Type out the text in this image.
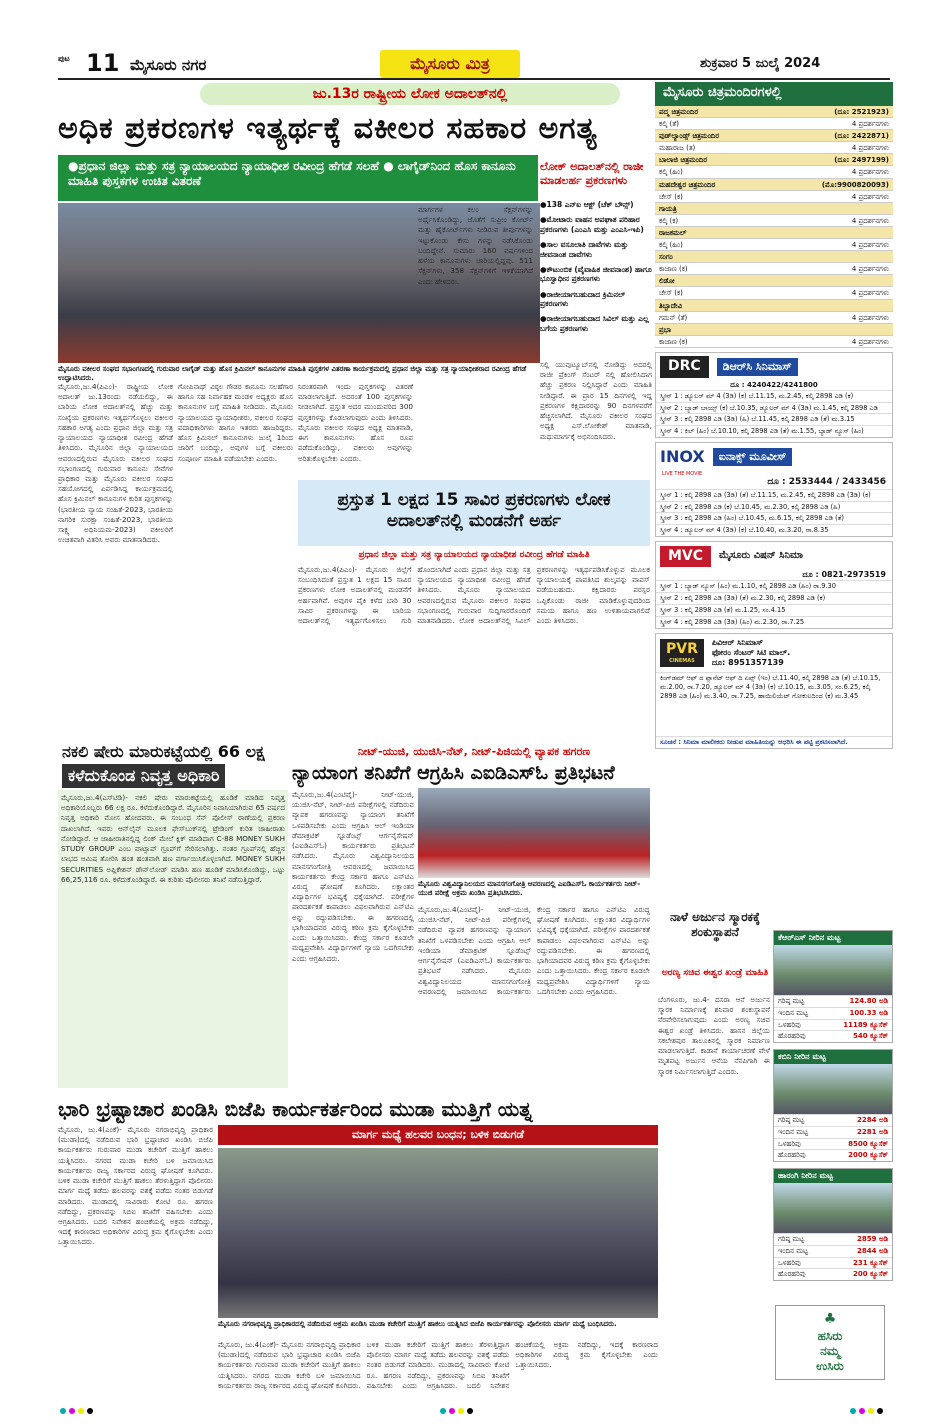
ಪುಟ 11 ಮೈಸೂರು ನಗರ	ಮೈಸೂರು ಮಿತ್ರ	ಶುಕ್ರವಾರ 5 ಜುಲೈ 2024
ಜು.13ರ ರಾಷ್ಟ್ರೀಯ ಲೋಕ ಅದಾಲತ್‌ನಲ್ಲಿ
ಅಧಿಕ ಪ್ರಕರಣಗಳ ಇತ್ಯರ್ಥಕ್ಕೆ ವಕೀಲರ ಸಹಕಾರ ಅಗತ್ಯ
●ಪ್ರಧಾನ ಜಿಲ್ಲಾ ಮತ್ತು ಸತ್ರ ನ್ಯಾಯಾಲಯದ ನ್ಯಾಯಾಧೀಶ ರವೀಂದ್ರ ಹೆಗಡೆ ಸಲಹೆ ● ಲಾಗೈಡ್‌ನಿಂದ ಹೊಸ ಕಾನೂನು ಮಾಹಿತಿ ಪುಸ್ತಕಗಳ ಉಚಿತ ವಿತರಣೆ
ಮೈಸೂರು ವಕೀಲರ ಸಂಘದ ಸಭಾಂಗಣದಲ್ಲಿ ಗುರುವಾರ ಲಾಗೈಡ್ ಮತ್ತು ಹೊಸ ಕ್ರಿಮಿನಲ್ ಕಾನೂನುಗಳ ಮಾಹಿತಿ ಪುಸ್ತಕಗಳ ವಿತರಣಾ ಕಾರ್ಯಕ್ರಮದಲ್ಲಿ ಪ್ರಧಾನ ಜಿಲ್ಲಾ ಮತ್ತು ಸತ್ರ ನ್ಯಾಯಾಧೀಶರಾದ ರವೀಂದ್ರ ಹೆಗಡೆ ಉದ್ಘಾಟಿಸಿದರು.
ಲೋಕ್ ಅದಾಲತ್‌ನಲ್ಲಿ ರಾಜೀ ಮಾಡಲರ್ಹ ಪ್ರಕರಣಗಳು
●138 ಎನ್‌ಐ ಆಕ್ಟ್ (ಚೆಕ್ ಬೌನ್ಸ್)
●ಮೋಟಾರು ವಾಹನ ಅಪಘಾತ ಪರಿಹಾರ ಪ್ರಕರಣಗಳು (ಎಂಎಸಿ ಮತ್ತು ಎಂಎಸಿ-ಇಪಿ)
●ಸಾಲ ವಸೂಲಾತಿ ದಾವೆಗಳು ಮತ್ತು ಜೀವನಾಂಶ ದಾವೆಗಳು
●ಕೌಟುಂಬಿಕ (ವೈವಾಹಿಕ ಜೀವನಾಂಶ) ಹಾಗೂ ಭೂಸ್ವಾಧೀನ ಪ್ರಕರಣಗಳು
●ರಾಜೀಯಾಗಬಹುದಾದ ಕ್ರಿಮಿನಲ್ ಪ್ರಕರಣಗಳು
●ರಾಜೀಯಾಗಬಹುದಾದ ಸಿವಿಲ್ ಮತ್ತು ಎಲ್ಲ ಬಗೆಯ ಪ್ರಕರಣಗಳು
ಮೈಸೂರು,ಜು.4(ಪಿಎಂ)- ರಾಷ್ಟ್ರೀಯ ಲೋಕ ಅದಾಲತ್ ಜು.13ರಂದು ನಡೆಯಲಿದ್ದು, ಈ ಬಾರಿಯ ಲೋಕ ಅದಾಲತ್‌ನಲ್ಲಿ ಹೆಚ್ಚು ಮತ್ತು ಸಂಖ್ಯೆಯ ಪ್ರಕರಣಗಳು ಇತ್ಯರ್ಥಗೊಳ್ಳಲು ವಕೀಲರ ಸಹಕಾರ ಅಗತ್ಯ ಎಂದು ಪ್ರಧಾನ ಜಿಲ್ಲಾ ಮತ್ತು ಸತ್ರ ನ್ಯಾಯಾಲಯದ ನ್ಯಾಯಾಧೀಶ ರವೀಂದ್ರ ಹೆಗಡೆ ತಿಳಿಸಿದರು. ಮೈಸೂರಿನ ಜಿಲ್ಲಾ ನ್ಯಾಯಾಲಯದ ಆವರಣದಲ್ಲಿರುವ ಮೈಸೂರು ವಕೀಲರ ಸಂಘದ ಸಭಾಂಗಣದಲ್ಲಿ ಗುರುವಾರ ಕಾನೂನು ಸೇವೆಗಳ ಪ್ರಾಧಿಕಾರ ಮತ್ತು ಮೈಸೂರು ವಕೀಲರ ಸಂಘದ ಸಹಯೋಗದಲ್ಲಿ ಏರ್ಪಡಿಸಿದ್ದ ಕಾರ್ಯಕ್ರಮದಲ್ಲಿ ಹೊಸ ಕ್ರಿಮಿನಲ್ ಕಾನೂನುಗಳ ಕುರಿತ ಪುಸ್ತಕಗಳನ್ನು (ಭಾರತೀಯ ನ್ಯಾಯ ಸಂಹಿತೆ-2023, ಭಾರತೀಯ ನಾಗರಿಕ ಸುರಕ್ಷಾ ಸಂಹಿತೆ-2023, ಭಾರತೀಯ ಸಾಕ್ಷ್ಯ ಅಧಿನಿಯಮ-2023) ವಕೀಲರಿಗೆ ಉಚಿತವಾಗಿ ವಿತರಿಸಿ ಅವರು ಮಾತನಾಡಿದರು.
ಗೋಪಿನಾಥ್ ವಿಠ್ಠಲ ಗೌಡರ ಕಾನೂನು ಸಲಹೆಗಾರ ಹಾಗೂ ಸಹ ನಿರ್ವಾಹಕ ಮಂಡಳಿ ಅಧ್ಯಕ್ಷರು ಹೊಸ ಕಾನೂನುಗಳ ಬಗ್ಗೆ ಮಾಹಿತಿ ನೀಡಿದರು. ಮೈಸೂರು ನ್ಯಾಯಾಲಯದ ನ್ಯಾಯಾಧೀಶರು, ವಕೀಲರ ಸಂಘದ ಪದಾಧಿಕಾರಿಗಳು ಹಾಗೂ ಇತರರು ಹಾಜರಿದ್ದರು. ಹೊಸ ಕ್ರಿಮಿನಲ್ ಕಾನೂನುಗಳು ಜುಲೈ 1ರಿಂದ ಜಾರಿಗೆ ಬಂದಿದ್ದು, ಅವುಗಳ ಬಗ್ಗೆ ವಕೀಲರು ಸಂಪೂರ್ಣ ಮಾಹಿತಿ ಪಡೆಯಬೇಕು ಎಂದರು.
ನಿರಂತರವಾಗಿ ಇಂದು ಪುಸ್ತಕಗಳನ್ನು ವಿತರಣೆ ಮಾಡಲಾಗುತ್ತಿದೆ. ಅದರಂತೆ 100 ಪುಸ್ತಕಗಳನ್ನು ನೀಡಲಾಗಿದೆ. ಪ್ರಸ್ತುತ ಅದರ ಮುಂದುವರಿದ 300 ಪುಸ್ತಕಗಳನ್ನು ಕೊಡಲಾಗುವುದು ಎಂದು ತಿಳಿಸಿದರು. ಮೈಸೂರು ವಕೀಲರ ಸಂಘದ ಅಧ್ಯಕ್ಷ ಮಾತನಾಡಿ, ಈಗ ಕಾನೂನುಗಳು ಹೊಸ ರೂಪ ಪಡೆದುಕೊಂಡಿದ್ದು, ವಕೀಲರು ಅವುಗಳನ್ನು ಅರಿತುಕೊಳ್ಳಬೇಕು ಎಂದರು.
ಮಾರ್ಗಗಳ ಕಲಂ ಸೆಕ್ಷನ್‌ಗಳನ್ನು ಅರ್ಥೈಸಿಕೊಂಡಿದ್ದು, ಜೊತೆಗೆ ಸುಪ್ರೀಂ ಕೋರ್ಟ್ ಮತ್ತು ಹೈಕೋರ್ಟ್‌ಗಳು ನೀಡಿರುವ ತೀರ್ಪುಗಳನ್ನು ಇಟ್ಟುಕೊಂಡು ಕೇಸು ಗಳನ್ನು ನಡೆಸಿಕೊಂಡು ಬಂದಿದ್ದೇವೆ. ಸುಮಾರು 160 ವರ್ಷಗಳಿಂದ ಹಳೆಯ ಕಾನೂನುಗಳು ಜಾರಿಯಲ್ಲಿದ್ದವು. 511 ಸೆಕ್ಷನ್‌ಗಳು, 358 ಸೆಕ್ಷನ್‌ಗಳಿಗೆ ಇಳಿಕೆಯಾಗಿದೆ ಎಂದು ಹೇಳಿದರು.
ಸಲ್ಲಿ ಯುವುಟ್ಯೂಬ್‌ನಲ್ಲಿ ನೋಡಿದ್ದು ಅದರಲ್ಲಿ ರಾಜೀ ಪ್ರೆಕಿಂಗ್ ಸೆಂಟರ್ ನಲ್ಲಿ ಹೋಲಿಸಿದಾಗ ಹೆಚ್ಚು ಪ್ರಕರಣ ನಿಲ್ಲಿಸಿದ್ದಾರೆ ಎಂದು ಮಾಹಿತಿ ನೀಡಿದ್ದಾರೆ. ಈ ಪ್ರಾರ 15 ದಿನಗಳಲ್ಲಿ ಇದ್ದ ಪ್ರಕರಣಗಳ ಕಕ್ಷಿದಾರರನ್ನು 90 ದಿನಗಳವರೆಗೆ ಹೆಚ್ಚಿಸಲಾಗಿದೆ. ಮೈಸೂರು ವಕೀಲರ ಸಂಘದ ಅಧ್ಯಕ್ಷ ಎಸ್.ಲೋಕೇಶ್ ಮಾತನಾಡಿ, ಮಧುಮಾರ್ಗಕ್ಕೆ ಅಭಿನಂದಿಸಿದರು.
ಪ್ರಸ್ತುತ 1 ಲಕ್ಷದ 15 ಸಾವಿರ ಪ್ರಕರಣಗಳು ಲೋಕ ಅದಾಲತ್‌ನಲ್ಲಿ ಮಂಡನೆಗೆ ಅರ್ಹ
ಪ್ರಧಾನ ಜಿಲ್ಲಾ ಮತ್ತು ಸತ್ರ ನ್ಯಾಯಾಲಯದ ನ್ಯಾಯಾಧೀಶ ರವೀಂದ್ರ ಹೆಗಡೆ ಮಾಹಿತಿ
ಮೈಸೂರು,ಜು.4(ಪಿಎಂ)- ಮೈಸೂರು ಜಿಲ್ಲೆಗೆ ಸಂಬಂಧಿಸಿದಂತೆ ಪ್ರಸ್ತುತ 1 ಲಕ್ಷದ 15 ಸಾವಿರ ಪ್ರಕರಣಗಳು ಲೋಕ ಅದಾಲತ್‌ನಲ್ಲಿ ಮಂಡನೆಗೆ ಅರ್ಹವಾಗಿವೆ. ಅವುಗಳ ಪೈಕಿ ಕಳೆದ ಬಾರಿ 30 ಸಾವಿರ ಪ್ರಕರಣಗಳನ್ನು ಈ ಬಾರಿಯ ಅದಾಲತ್‌ನಲ್ಲಿ ಇತ್ಯರ್ಥಗೊಳಿಸಲು ಗುರಿ ಹೊಂದಲಾಗಿದೆ ಎಂದು ಪ್ರಧಾನ ಜಿಲ್ಲಾ ಮತ್ತು ಸತ್ರ ನ್ಯಾಯಾಲಯದ ನ್ಯಾಯಾಧೀಶ ರವೀಂದ್ರ ಹೆಗಡೆ ತಿಳಿಸಿದರು. ಮೈಸೂರು ನ್ಯಾಯಾಲಯದ ಆವರಣದಲ್ಲಿರುವ ಮೈಸೂರು ವಕೀಲರ ಸಂಘದ ಸಭಾಂಗಣದಲ್ಲಿ ಗುರುವಾರ ಸುದ್ದಿಗಾರರೊಂದಿಗೆ ಮಾತನಾಡಿದರು. ಲೋಕ ಅದಾಲತ್‌ನಲ್ಲಿ ಸಿವಿಲ್ ಪ್ರಕರಣಗಳನ್ನು ಇತ್ಯರ್ಥಪಡಿಸಿಕೊಳ್ಳುವ ಮೂಲಕ ನ್ಯಾಯಾಲಯಕ್ಕೆ ಪಾವತಿಸಿದ ಶುಲ್ಕವನ್ನು ವಾಪಸ್ ಪಡೆಯಬಹುದು. ಕಕ್ಷಿದಾರರು ಪರಸ್ಪರ ಒಪ್ಪಿಕೊಂಡು ರಾಜೀ ಮಾಡಿಕೊಳ್ಳುವುದರಿಂದ ಸಮಯ ಹಾಗೂ ಹಣ ಉಳಿತಾಯವಾಗಲಿದೆ ಎಂದು ತಿಳಿಸಿದರು.
ನಕಲಿ ಷೇರು ಮಾರುಕಟ್ಟೆಯಲ್ಲಿ 66 ಲಕ್ಷ
ಕಳೆದುಕೊಂಡ ನಿವೃತ್ತ ಅಧಿಕಾರಿ
ಮೈಸೂರು,ಜು.4(ಎಸ್‌ಟಿಡಿ)- ನಕಲಿ ಷೇರು ಮಾರುಕಟ್ಟೆಯಲ್ಲಿ ಹೂಡಿಕೆ ಮಾಡಿದ ನಿವೃತ್ತ ಅಧಿಕಾರಿಯೊಬ್ಬರು 66 ಲಕ್ಷ ರೂ. ಕಳೆದುಕೊಂಡಿದ್ದಾರೆ. ಮೈಸೂರಿನ ನಿವಾಸಿಯಾಗಿರುವ 65 ವರ್ಷದ ನಿವೃತ್ತ ಅಧಿಕಾರಿ ಮೋಸ ಹೋದವರು. ಈ ಸಂಬಂಧ ಸೆನ್ ಪೊಲೀಸ್ ಠಾಣೆಯಲ್ಲಿ ಪ್ರಕರಣ ದಾಖಲಾಗಿದೆ. ಇವರು ಆನ್‌ಲೈನ್ ಮೂಲಕ ಫೇಸ್‌ಬುಕ್‌ನಲ್ಲಿ ಟ್ರೇಡಿಂಗ್ ಕುರಿತ ಜಾಹೀರಾತು ನೋಡಿದ್ದಾರೆ. ಆ ಜಾಹೀರಾತಿನಲ್ಲಿದ್ದ ಲಿಂಕ್ ಮೇಲೆ ಕ್ಲಿಕ್ ಮಾಡಿದಾಗ C-88 MONEY SUKH STUDY GROUP ಎಂಬ ವಾಟ್ಸಾಪ್ ಗ್ರೂಪ್‌ಗೆ ಸೇರಿಸಲಾಗಿತ್ತು. ನಂತರ ಗ್ರೂಪ್‌ನಲ್ಲಿ ಹೆಚ್ಚಿನ ಲಾಭದ ಆಮಿಷ ತೋರಿಸಿ ಹಂತ ಹಂತವಾಗಿ ಹಣ ವರ್ಗಾಯಿಸಿಕೊಳ್ಳಲಾಗಿದೆ. MONEY SUKH SECURITIES ಅಪ್ಲಿಕೇಶನ್ ಡೌನ್‌ಲೋಡ್ ಮಾಡಿಸಿ ಹಣ ಹೂಡಿಕೆ ಮಾಡಿಸಿಕೊಂಡಿದ್ದು, ಒಟ್ಟು 66,25,116 ರೂ. ಕಳೆದುಕೊಂಡಿದ್ದಾರೆ. ಈ ಕುರಿತು ಪೊಲೀಸರು ತನಿಖೆ ನಡೆಸುತ್ತಿದ್ದಾರೆ.
ನೀಟ್-ಯುಜಿ, ಯುಜಿಸಿ-ನೆಟ್, ನೀಟ್-ಪಿಜಿಯಲ್ಲಿ ವ್ಯಾಪಕ ಹಗರಣ
ನ್ಯಾಯಾಂಗ ತನಿಖೆಗೆ ಆಗ್ರಹಿಸಿ ಎಐಡಿಎಸ್‌ಓ ಪ್ರತಿಭಟನೆ
ಮೈಸೂರು ವಿಶ್ವವಿದ್ಯಾನಿಲಯದ ಮಾನಸಗಂಗೋತ್ರಿ ಆವರಣದಲ್ಲಿ ಎಐಡಿಎಸ್‌ಓ ಕಾರ್ಯಕರ್ತರು ನೀಟ್-ಯುಜಿ ಪರೀಕ್ಷೆ ಅಕ್ರಮ ಖಂಡಿಸಿ ಪ್ರತಿಭಟಿಸಿದರು.
ಮೈಸೂರು,ಜು.4(ಎಂಟಿವೈ)- ನೀಟ್-ಯುಜಿ, ಯುಜಿಸಿ-ನೆಟ್, ನೀಟ್-ಪಿಜಿ ಪರೀಕ್ಷೆಗಳಲ್ಲಿ ನಡೆದಿರುವ ವ್ಯಾಪಕ ಹಗರಣವನ್ನು ನ್ಯಾಯಾಂಗ ತನಿಖೆಗೆ ಒಳಪಡಿಸಬೇಕು ಎಂದು ಆಗ್ರಹಿಸಿ ಆಲ್ ಇಂಡಿಯಾ ಡೆಮಾಕ್ರಟಿಕ್ ಸ್ಟೂಡೆಂಟ್ಸ್ ಆರ್ಗನೈಸೇಷನ್ (ಎಐಡಿಎಸ್‌ಓ) ಕಾರ್ಯಕರ್ತರು ಪ್ರತಿಭಟನೆ ನಡೆಸಿದರು. ಮೈಸೂರು ವಿಶ್ವವಿದ್ಯಾನಿಲಯದ ಮಾನಸಗಂಗೋತ್ರಿ ಆವರಣದಲ್ಲಿ ಜಮಾಯಿಸಿದ ಕಾರ್ಯಕರ್ತರು ಕೇಂದ್ರ ಸರ್ಕಾರ ಹಾಗೂ ಎನ್‌ಟಿಎ ವಿರುದ್ಧ ಘೋಷಣೆ ಕೂಗಿದರು. ಲಕ್ಷಾಂತರ ವಿದ್ಯಾರ್ಥಿಗಳ ಭವಿಷ್ಯಕ್ಕೆ ಧಕ್ಕೆಯಾಗಿದೆ. ಪರೀಕ್ಷೆಗಳ ಪಾರದರ್ಶಕತೆ ಕಾಪಾಡಲು ವಿಫಲವಾಗಿರುವ ಎನ್‌ಟಿಎ ಅನ್ನು ರದ್ದುಪಡಿಸಬೇಕು. ಈ ಹಗರಣದಲ್ಲಿ ಭಾಗಿಯಾದವರ ವಿರುದ್ಧ ಕಠಿಣ ಕ್ರಮ ಕೈಗೊಳ್ಳಬೇಕು ಎಂದು ಒತ್ತಾಯಿಸಿದರು. ಕೇಂದ್ರ ಸರ್ಕಾರ ಕೂಡಲೇ ಮಧ್ಯಪ್ರವೇಶಿಸಿ ವಿದ್ಯಾರ್ಥಿಗಳಿಗೆ ನ್ಯಾಯ ಒದಗಿಸಬೇಕು ಎಂದು ಆಗ್ರಹಿಸಿದರು.
ಮೈಸೂರು,ಜು.4(ಎಂಟಿವೈ)- ನೀಟ್-ಯುಜಿ, ಯುಜಿಸಿ-ನೆಟ್, ನೀಟ್-ಪಿಜಿ ಪರೀಕ್ಷೆಗಳಲ್ಲಿ ನಡೆದಿರುವ ವ್ಯಾಪಕ ಹಗರಣವನ್ನು ನ್ಯಾಯಾಂಗ ತನಿಖೆಗೆ ಒಳಪಡಿಸಬೇಕು ಎಂದು ಆಗ್ರಹಿಸಿ ಆಲ್ ಇಂಡಿಯಾ ಡೆಮಾಕ್ರಟಿಕ್ ಸ್ಟೂಡೆಂಟ್ಸ್ ಆರ್ಗನೈಸೇಷನ್ (ಎಐಡಿಎಸ್‌ಓ) ಕಾರ್ಯಕರ್ತರು ಪ್ರತಿಭಟನೆ ನಡೆಸಿದರು. ಮೈಸೂರು ವಿಶ್ವವಿದ್ಯಾನಿಲಯದ ಮಾನಸಗಂಗೋತ್ರಿ ಆವರಣದಲ್ಲಿ ಜಮಾಯಿಸಿದ ಕಾರ್ಯಕರ್ತರು ಕೇಂದ್ರ ಸರ್ಕಾರ ಹಾಗೂ ಎನ್‌ಟಿಎ ವಿರುದ್ಧ ಘೋಷಣೆ ಕೂಗಿದರು. ಲಕ್ಷಾಂತರ ವಿದ್ಯಾರ್ಥಿಗಳ ಭವಿಷ್ಯಕ್ಕೆ ಧಕ್ಕೆಯಾಗಿದೆ. ಪರೀಕ್ಷೆಗಳ ಪಾರದರ್ಶಕತೆ ಕಾಪಾಡಲು ವಿಫಲವಾಗಿರುವ ಎನ್‌ಟಿಎ ಅನ್ನು ರದ್ದುಪಡಿಸಬೇಕು. ಈ ಹಗರಣದಲ್ಲಿ ಭಾಗಿಯಾದವರ ವಿರುದ್ಧ ಕಠಿಣ ಕ್ರಮ ಕೈಗೊಳ್ಳಬೇಕು ಎಂದು ಒತ್ತಾಯಿಸಿದರು. ಕೇಂದ್ರ ಸರ್ಕಾರ ಕೂಡಲೇ ಮಧ್ಯಪ್ರವೇಶಿಸಿ ವಿದ್ಯಾರ್ಥಿಗಳಿಗೆ ನ್ಯಾಯ ಒದಗಿಸಬೇಕು ಎಂದು ಆಗ್ರಹಿಸಿದರು.
ಭಾರಿ ಭ್ರಷ್ಟಾಚಾರ ಖಂಡಿಸಿ ಬಿಜೆಪಿ ಕಾರ್ಯಕರ್ತರಿಂದ ಮುಡಾ ಮುತ್ತಿಗೆ ಯತ್ನ
ಮಾರ್ಗ ಮಧ್ಯೆ ಹಲವರ ಬಂಧನ; ಬಳಿಕ ಬಿಡುಗಡೆ
ಮೈಸೂರು ನಗರಾಭಿವೃದ್ಧಿ ಪ್ರಾಧಿಕಾರದಲ್ಲಿ ನಡೆದಿರುವ ಅಕ್ರಮ ಖಂಡಿಸಿ ಮುಡಾ ಕಚೇರಿಗೆ ಮುತ್ತಿಗೆ ಹಾಕಲು ಯತ್ನಿಸಿದ ಬಿಜೆಪಿ ಕಾರ್ಯಕರ್ತರನ್ನು ಪೊಲೀಸರು ಮಾರ್ಗ ಮಧ್ಯೆ ಬಂಧಿಸಿದರು.
ಮೈಸೂರು, ಜು.4(ಎಂಕೆ)- ಮೈಸೂರು ನಗರಾಭಿವೃದ್ಧಿ ಪ್ರಾಧಿಕಾರ (ಮುಡಾ)ದಲ್ಲಿ ನಡೆದಿರುವ ಭಾರಿ ಭ್ರಷ್ಟಾಚಾರ ಖಂಡಿಸಿ ಬಿಜೆಪಿ ಕಾರ್ಯಕರ್ತರು ಗುರುವಾರ ಮುಡಾ ಕಚೇರಿಗೆ ಮುತ್ತಿಗೆ ಹಾಕಲು ಯತ್ನಿಸಿದರು. ನಗರದ ಮುಡಾ ಕಚೇರಿ ಬಳಿ ಜಮಾಯಿಸಿದ ಕಾರ್ಯಕರ್ತರು ರಾಜ್ಯ ಸರ್ಕಾರದ ವಿರುದ್ಧ ಘೋಷಣೆ ಕೂಗಿದರು. ಬಳಿಕ ಮುಡಾ ಕಚೇರಿಗೆ ಮುತ್ತಿಗೆ ಹಾಕಲು ತೆರಳುತ್ತಿದ್ದಾಗ ಪೊಲೀಸರು ಮಾರ್ಗ ಮಧ್ಯೆ ತಡೆದು ಹಲವರನ್ನು ವಶಕ್ಕೆ ಪಡೆದು ನಂತರ ಬಿಡುಗಡೆ ಮಾಡಿದರು. ಮುಡಾದಲ್ಲಿ ಸಾವಿರಾರು ಕೋಟಿ ರೂ. ಹಗರಣ ನಡೆದಿದ್ದು, ಪ್ರಕರಣವನ್ನು ಸಿಬಿಐ ತನಿಖೆಗೆ ವಹಿಸಬೇಕು ಎಂದು ಆಗ್ರಹಿಸಿದರು. ಬದಲಿ ನಿವೇಶನ ಹಂಚಿಕೆಯಲ್ಲಿ ಅಕ್ರಮ ನಡೆದಿದ್ದು, ಇದಕ್ಕೆ ಕಾರಣರಾದ ಅಧಿಕಾರಿಗಳ ವಿರುದ್ಧ ಕ್ರಮ ಕೈಗೊಳ್ಳಬೇಕು ಎಂದು ಒತ್ತಾಯಿಸಿದರು.
ಮೈಸೂರು, ಜು.4(ಎಂಕೆ)- ಮೈಸೂರು ನಗರಾಭಿವೃದ್ಧಿ ಪ್ರಾಧಿಕಾರ (ಮುಡಾ)ದಲ್ಲಿ ನಡೆದಿರುವ ಭಾರಿ ಭ್ರಷ್ಟಾಚಾರ ಖಂಡಿಸಿ ಬಿಜೆಪಿ ಕಾರ್ಯಕರ್ತರು ಗುರುವಾರ ಮುಡಾ ಕಚೇರಿಗೆ ಮುತ್ತಿಗೆ ಹಾಕಲು ಯತ್ನಿಸಿದರು. ನಗರದ ಮುಡಾ ಕಚೇರಿ ಬಳಿ ಜಮಾಯಿಸಿದ ಕಾರ್ಯಕರ್ತರು ರಾಜ್ಯ ಸರ್ಕಾರದ ವಿರುದ್ಧ ಘೋಷಣೆ ಕೂಗಿದರು. ಬಳಿಕ ಮುಡಾ ಕಚೇರಿಗೆ ಮುತ್ತಿಗೆ ಹಾಕಲು ತೆರಳುತ್ತಿದ್ದಾಗ ಪೊಲೀಸರು ಮಾರ್ಗ ಮಧ್ಯೆ ತಡೆದು ಹಲವರನ್ನು ವಶಕ್ಕೆ ಪಡೆದು ನಂತರ ಬಿಡುಗಡೆ ಮಾಡಿದರು. ಮುಡಾದಲ್ಲಿ ಸಾವಿರಾರು ಕೋಟಿ ರೂ. ಹಗರಣ ನಡೆದಿದ್ದು, ಪ್ರಕರಣವನ್ನು ಸಿಬಿಐ ತನಿಖೆಗೆ ವಹಿಸಬೇಕು ಎಂದು ಆಗ್ರಹಿಸಿದರು. ಬದಲಿ ನಿವೇಶನ ಹಂಚಿಕೆಯಲ್ಲಿ ಅಕ್ರಮ ನಡೆದಿದ್ದು, ಇದಕ್ಕೆ ಕಾರಣರಾದ ಅಧಿಕಾರಿಗಳ ವಿರುದ್ಧ ಕ್ರಮ ಕೈಗೊಳ್ಳಬೇಕು ಎಂದು ಒತ್ತಾಯಿಸಿದರು.
ಮೈಸೂರು ಚಿತ್ರಮಂದಿರಗಳಲ್ಲಿ
ಪದ್ಮ ಚಿತ್ರಮಂದಿರ	(ದೂ: 2521923)
ಕಲ್ಕಿ (ತೆ)	4 ಪ್ರದರ್ಶನಗಳು
ವುಡ್‌ಲ್ಯಾಂಡ್ಸ್ ಚಿತ್ರಮಂದಿರ	(ದೂ: 2422871)
ಮಹಾರಾಜ (ತ)	4 ಪ್ರದರ್ಶನಗಳು
ಬಾಲಾಜಿ ಚಿತ್ರಮಂದಿರ	(ದೂ: 2497199)
ಕಲ್ಕಿ (ಹಿಂ)	4 ಪ್ರದರ್ಶನಗಳು
ಮಹದೇಶ್ವರ ಚಿತ್ರಮಂದಿರ	(ಮೊ:9900820093)
ಚೇಸ್ (ಕ)	4 ಪ್ರದರ್ಶನಗಳು
ಗಾಯತ್ರಿ
ಕಲ್ಕಿ (ಕ)	4 ಪ್ರದರ್ಶನಗಳು
ರಾಜಕಮಲ್
ಕಲ್ಕಿ (ಹಿಂ)	4 ಪ್ರದರ್ಶನಗಳು
ಸಂಗಂ
ಕಾಜಾಣ (ಕ)	4 ಪ್ರದರ್ಶನಗಳು
ಲಿಡೋ
ಚೇಸ್ (ಕ)	4 ಪ್ರದರ್ಶನಗಳು
ತಿಬ್ಬಾದೇವಿ
ಗಮನ್ (ತೆ)	4 ಪ್ರದರ್ಶನಗಳು
ಪ್ರಭಾ
ಕಾಜಾಣ (ಕ)	4 ಪ್ರದರ್ಶನಗಳು
DRC	ಡಿಆರ್‌ಸಿ ಸಿನಿಮಾಸ್
ದೂ : 4240422/4241800
ಸ್ಕ್ರೀನ್ 1 : ಡ್ಯೂಲರ್ ಮ್ 4 (3ಡಿ) (ಕ) ಬೆ.11.15, ಮ.2.45, ಕಲ್ಕಿ 2898 ಎಡಿ (ಕ)
ಸ್ಕ್ರೀನ್ 2 : ಬ್ಯಾಡ್ ಬಾಯ್ಸ್ (ಕ) ಬೆ.10.35, ಡ್ಯೂಲರ್ ಮ್ 4 (3ಡಿ) ಮ.1.45, ಕಲ್ಕಿ 2898 ಎಡಿ
ಸ್ಕ್ರೀನ್ 3 : ಕಲ್ಕಿ 2898 ಎಡಿ (3ಡಿ) (ಹಿ) ಬೆ.11.45, ಕಲ್ಕಿ 2898 ಎಡಿ (ತೆ) ಮ.3.15
ಸ್ಕ್ರೀನ್ 4 : ಕಿಲ್ (ಹಿಂ) ಬೆ.10.10, ಕಲ್ಕಿ 2898 ಎಡಿ (ತೆ) ಮ.1.55, ಬ್ಯಾಡ್ ನ್ಯೂಸ್ (ಹಿಂ)
INOX	ಐನಾಕ್ಸ್ ಮೂವೀಸ್
LIVE THE MOVIE
ದೂ : 2533444 / 2433456
ಸ್ಕ್ರೀನ್ 1 : ಕಲ್ಕಿ 2898 ಎಡಿ (3ಡಿ) (ತೆ) ಬೆ.11.15, ಮ.2.45, ಕಲ್ಕಿ 2898 ಎಡಿ (3ಡಿ) (ಕ)
ಸ್ಕ್ರೀನ್ 2 : ಕಲ್ಕಿ 2898 ಎಡಿ (ಕ) ಬೆ.10.45, ಮ.2.30, ಕಲ್ಕಿ 2898 ಎಡಿ (ಹಿ)
ಸ್ಕ್ರೀನ್ 3 : ಕಲ್ಕಿ 2898 ಎಡಿ (ಹಿಂ) ಬೆ.10.45, ಮ.6.15, ಕಲ್ಕಿ 2898 ಎಡಿ (ತೆ)
ಸ್ಕ್ರೀನ್ 4 : ಡ್ಯೂಲರ್ ಮ್ 4 (3ಡಿ) (ಕ) ಬೆ.10.40, ಮ.3.20, ರಾ.8.35
MVC	ಮೈಸೂರು ವಿಷನ್ ಸಿನಿಮಾ
ದೂ : 0821-2973519
ಸ್ಕ್ರೀನ್ 1 : ಬ್ಯಾಡ್ ನ್ಯೂಸ್ (ಹಿಂ) ಮ.1.10, ಕಲ್ಕಿ 2898 ಎಡಿ (ಹಿಂ) ರಾ.9.30
ಸ್ಕ್ರೀನ್ 2 : ಕಲ್ಕಿ 2898 ಎಡಿ (3ಡಿ) (ತೆ) ಮ.2.30, ಕಲ್ಕಿ 2898 ಎಡಿ (ಕ)
ಸ್ಕ್ರೀನ್ 3 : ಕಲ್ಕಿ 2898 ಎಡಿ (ತೆ) ಮ.1.25, ಸಂ.4.15
ಸ್ಕ್ರೀನ್ 4 : ಕಲ್ಕಿ 2898 ಎಡಿ (3ಡಿ) (ಹಿಂ) ಮ.2.30, ರಾ.7.25
PVR
CINEMAS
ಪಿವಿಆರ್ ಸಿನಿಮಾಸ್
ಫೋರಂ ಸೆಂಟರ್ ಸಿಟಿ ಮಾಲ್.
ದೂ: 8951357139
ಕಿಂಗ್‌ಡಮ್ ಆಫ್ ದ ಪ್ಲಾನೆಟ್ ಆಫ್ ದಿ ಏಪ್ಸ್ (ಇಂ) ಬೆ.11.40, ಕಲ್ಕಿ 2898 ಎಡಿ (ತೆ) ಬೆ.10.15, ಮ.2.00, ರಾ.7.20, ಡ್ಯೂಲರ್ ಮ್ 4 (3ಡಿ) (ಕ) ಬೆ.10.15, ಮ.3.05, ಸಂ.6.25, ಕಲ್ಕಿ 2898 ಎಡಿ (ಹಿಂ) ಮ.3.40, ರಾ.7.25, ಹಾಯಿಲಿಯೆಟ್ ಗೋಕುಲದಿಂದ (ಕ) ಮ.3.45
ಸೂಚನೆ : ಸಿನಿಮಾ ಮಾಲೀಕರು ನೀಡುವ ಮಾಹಿತಿಯನ್ನು ಆಧರಿಸಿ ಈ ಪಟ್ಟಿ ಪ್ರಕಟಿಸಲಾಗಿದೆ.
ನಾಳೆ ಅರ್ಜುನ ಸ್ಮಾರಕಕ್ಕೆ ಶಂಕುಸ್ಥಾಪನೆ
ಅರಣ್ಯ ಸಚಿವ ಈಶ್ವರ ಖಂಡ್ರೆ ಮಾಹಿತಿ
ಬೆಂಗಳೂರು, ಜು.4- ದಸರಾ ಆನೆ ಅರ್ಜುನ ಸ್ಮಾರಕ ನಿರ್ಮಾಣಕ್ಕೆ ಶನಿವಾರ ಶಂಕುಸ್ಥಾಪನೆ ನೆರವೇರಿಸಲಾಗುವುದು ಎಂದು ಅರಣ್ಯ ಸಚಿವ ಈಶ್ವರ ಖಂಡ್ರೆ ತಿಳಿಸಿದರು. ಹಾಸನ ಜಿಲ್ಲೆಯ ಸಕಲೇಶಪುರ ತಾಲೂಕಿನಲ್ಲಿ ಸ್ಮಾರಕ ನಿರ್ಮಾಣ ಮಾಡಲಾಗುತ್ತಿದೆ. ಕಾಡಾನೆ ಕಾರ್ಯಾಚರಣೆ ವೇಳೆ ಮೃತಪಟ್ಟ ಅರ್ಜುನ ಆನೆಯ ನೆನಪಿಗಾಗಿ ಈ ಸ್ಮಾರಕ ನಿರ್ಮಿಸಲಾಗುತ್ತಿದೆ ಎಂದರು.
ಕೆಆರ್‌ಎಸ್ ನೀರಿನ ಮಟ್ಟ
ಗರಿಷ್ಠ ಮಟ್ಟ	124.80 ಅಡಿ
ಇಂದಿನ ಮಟ್ಟ	100.33 ಅಡಿ
ಒಳಹರಿವು	11189 ಕ್ಯೂಸೆಕ್
ಹೊರಹರಿವು	540 ಕ್ಯೂಸೆಕ್
ಕಬಿನಿ ನೀರಿನ ಮಟ್ಟ
ಗರಿಷ್ಠ ಮಟ್ಟ	2284 ಅಡಿ
ಇಂದಿನ ಮಟ್ಟ	2281 ಅಡಿ
ಒಳಹರಿವು	8500 ಕ್ಯೂಸೆಕ್
ಹೊರಹರಿವು	2000 ಕ್ಯೂಸೆಕ್
ಹಾರಂಗಿ ನೀರಿನ ಮಟ್ಟ
ಗರಿಷ್ಠ ಮಟ್ಟ	2859 ಅಡಿ
ಇಂದಿನ ಮಟ್ಟ	2844 ಅಡಿ
ಒಳಹರಿವು	231 ಕ್ಯೂಸೆಕ್
ಹೊರಹರಿವು	200 ಕ್ಯೂಸೆಕ್
♣
ಹಸಿರು
ನಮ್ಮ
ಉಸಿರು
